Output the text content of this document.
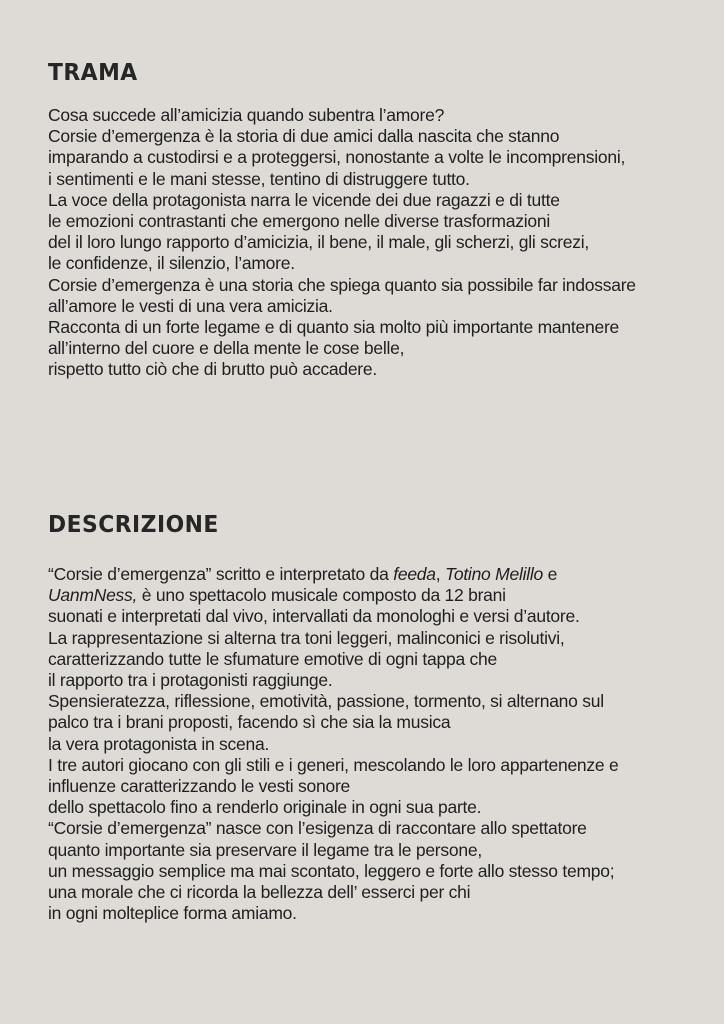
TRAMA
Cosa succede all’amicizia quando subentra l’amore?
Corsie d’emergenza è la storia di due amici dalla nascita che stanno
imparando a custodirsi e a proteggersi, nonostante a volte le incomprensioni,
i sentimenti e le mani stesse, tentino di distruggere tutto.
La voce della protagonista narra le vicende dei due ragazzi e di tutte
le emozioni contrastanti che emergono nelle diverse trasformazioni
del il loro lungo rapporto d’amicizia, il bene, il male, gli scherzi, gli screzi,
le confidenze, il silenzio, l’amore.
Corsie d’emergenza è una storia che spiega quanto sia possibile far indossare
all’amore le vesti di una vera amicizia.
Racconta di un forte legame e di quanto sia molto più importante mantenere
all’interno del cuore e della mente le cose belle,
rispetto tutto ciò che di brutto può accadere.
DESCRIZIONE
“Corsie d’emergenza” scritto e interpretato da feeda, Totino Melillo e
UanmNess, è uno spettacolo musicale composto da 12 brani
suonati e interpretati dal vivo, intervallati da monologhi e versi d’autore.
La rappresentazione si alterna tra toni leggeri, malinconici e risolutivi,
caratterizzando tutte le sfumature emotive di ogni tappa che
il rapporto tra i protagonisti raggiunge.
Spensieratezza, riflessione, emotività, passione, tormento, si alternano sul
palco tra i brani proposti, facendo sì che sia la musica
la vera protagonista in scena.
I tre autori giocano con gli stili e i generi, mescolando le loro appartenenze e
influenze caratterizzando le vesti sonore
dello spettacolo fino a renderlo originale in ogni sua parte.
“Corsie d’emergenza” nasce con l’esigenza di raccontare allo spettatore
quanto importante sia preservare il legame tra le persone,
un messaggio semplice ma mai scontato, leggero e forte allo stesso tempo;
una morale che ci ricorda la bellezza dell’ esserci per chi
in ogni molteplice forma amiamo.
